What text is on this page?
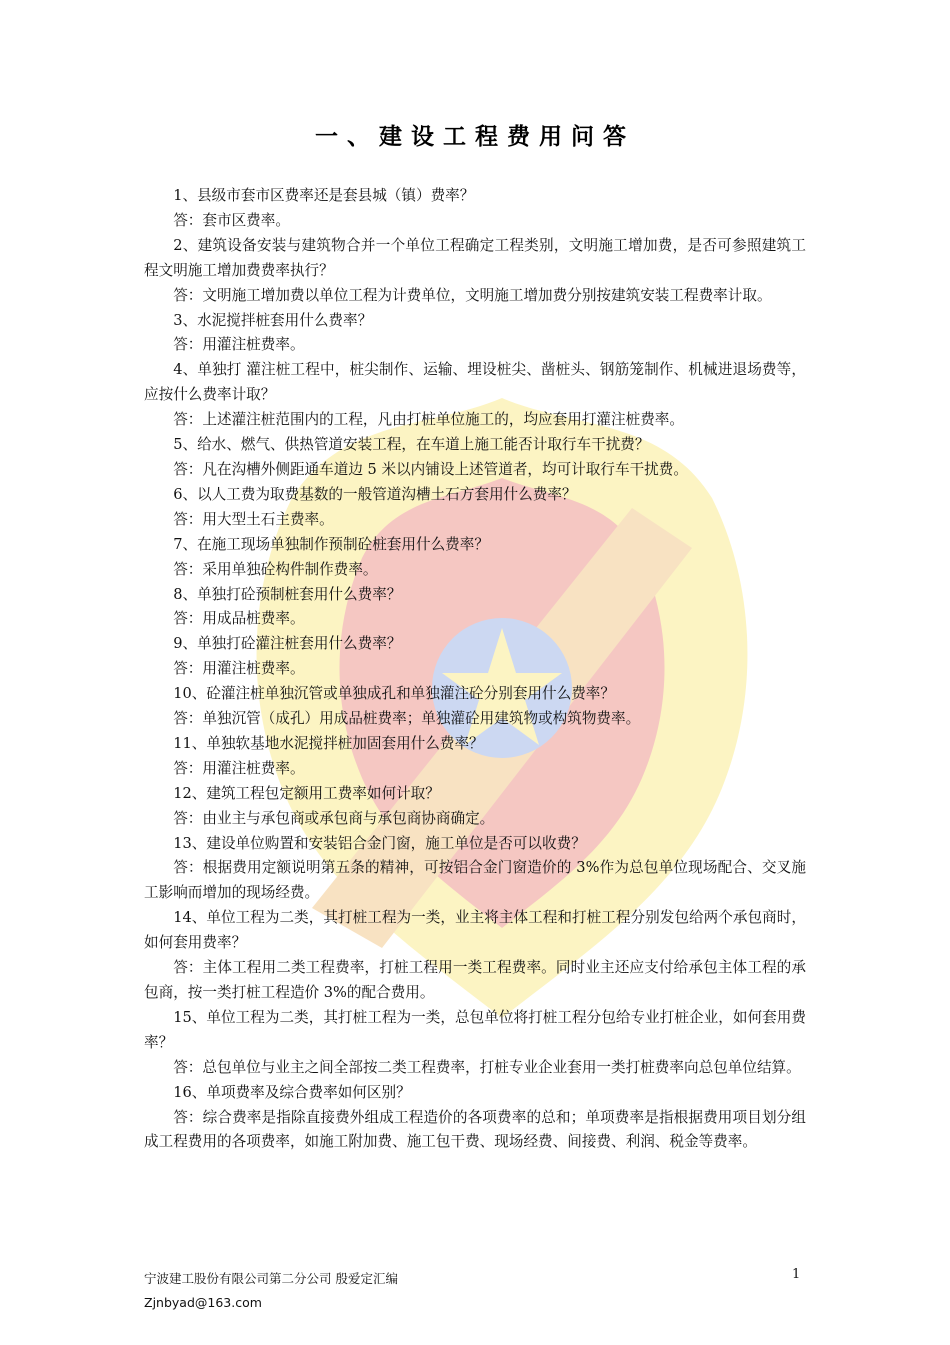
一、建设工程费用问答

1、县级市套市区费率还是套县城（镇）费率？

答：套市区费率。

2、建筑设备安装与建筑物合并一个单位工程确定工程类别，文明施工增加费，是否可参照建筑工程文明施工增加费费率执行？

答：文明施工增加费以单位工程为计费单位，文明施工增加费分别按建筑安装工程费率计取。

3、水泥搅拌桩套用什么费率？

答：用灌注桩费率。

4、单独打 灌注桩工程中，桩尖制作、运输、埋设桩尖、凿桩头、钢筋笼制作、机械进退场费等，应按什么费率计取？

答：上述灌注桩范围内的工程，凡由打桩单位施工的，均应套用打灌注桩费率。

5、给水、燃气、供热管道安装工程，在车道上施工能否计取行车干扰费？

答：凡在沟槽外侧距通车道边 5 米以内铺设上述管道者，均可计取行车干扰费。

6、以人工费为取费基数的一般管道沟槽土石方套用什么费率？

答：用大型土石主费率。

7、在施工现场单独制作预制砼桩套用什么费率？

答：采用单独砼构件制作费率。

8、单独打砼预制桩套用什么费率？

答：用成品桩费率。

9、单独打砼灌注桩套用什么费率？

答：用灌注桩费率。

10、砼灌注桩单独沉管或单独成孔和单独灌注砼分别套用什么费率？

答：单独沉管（成孔）用成品桩费率；单独灌砼用建筑物或构筑物费率。

11、单独软基地水泥搅拌桩加固套用什么费率？

答：用灌注桩费率。

12、建筑工程包定额用工费率如何计取？

答：由业主与承包商或承包商与承包商协商确定。

13、建设单位购置和安装铝合金门窗，施工单位是否可以收费？

答：根据费用定额说明第五条的精神，可按铝合金门窗造价的 3%作为总包单位现场配合、交叉施工影响而增加的现场经费。

14、单位工程为二类，其打桩工程为一类，业主将主体工程和打桩工程分别发包给两个承包商时，如何套用费率？

答：主体工程用二类工程费率，打桩工程用一类工程费率。同时业主还应支付给承包主体工程的承包商，按一类打桩工程造价 3%的配合费用。

15、单位工程为二类，其打桩工程为一类，总包单位将打桩工程分包给专业打桩企业，如何套用费率？

答：总包单位与业主之间全部按二类工程费率，打桩专业企业套用一类打桩费率向总包单位结算。

16、单项费率及综合费率如何区别？

答：综合费率是指除直接费外组成工程造价的各项费率的总和；单项费率是指根据费用项目划分组成工程费用的各项费率，如施工附加费、施工包干费、现场经费、间接费、利润、税金等费率。

宁波建工股份有限公司第二分公司 殷爱定汇编
Zjnbyad@163.com
1
